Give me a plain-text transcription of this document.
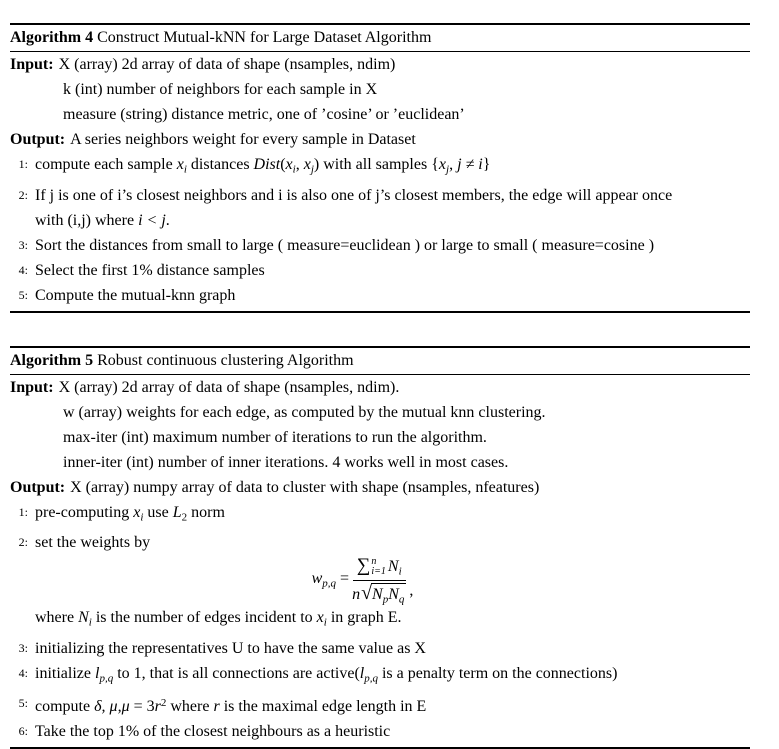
Algorithm 4 Construct Mutual-kNN for Large Dataset Algorithm
Input: X (array) 2d array of data of shape (nsamples, ndim)
k (int) number of neighbors for each sample in X
measure (string) distance metric, one of ’cosine’ or ’euclidean’
Output: A series neighbors weight for every sample in Dataset
1: compute each sample $x_i$ distances $Dist(x_i$, $x_j$) with all samples {$x_j$, j ≠ i}
2: If j is one of i’s closest neighbors and i is also one of j’s closest members, the edge will appear once
with (i,j) where i < j.
3: Sort the distances from small to large ( measure=euclidean ) or large to small ( measure=cosine )
4: Select the first 1% distance samples
5: Compute the mutual-knn graph
Algorithm 5 Robust continuous clustering Algorithm
Input: X (array) 2d array of data of shape (nsamples, ndim).
w (array) weights for each edge, as computed by the mutual knn clustering.
max-iter (int) maximum number of iterations to run the algorithm.
inner-iter (int) number of inner iterations. 4 works well in most cases.
Output: X (array) numpy array of data to cluster with shape (nsamples, nfeatures)
1: pre-computing $x_i$ use $L_2$ norm
2: set the weights by
$w_{p,q}$ = ∑ n
i=1 $N_i$
n √ $N_pN_q$ ,
where $N_i$ is the number of edges incident to $x_i$ in graph E.
3: initializing the representatives U to have the same value as X
4: initialize $l_{p,q}$ to 1, that is all connections are $active(l_{p,q}$ is a penalty term on the connections)
5: compute δ, $\mu,\mu = 3r^2$ where r is the maximal edge length in E
6: Take the top 1% of the closest neighbours as a heuristic
